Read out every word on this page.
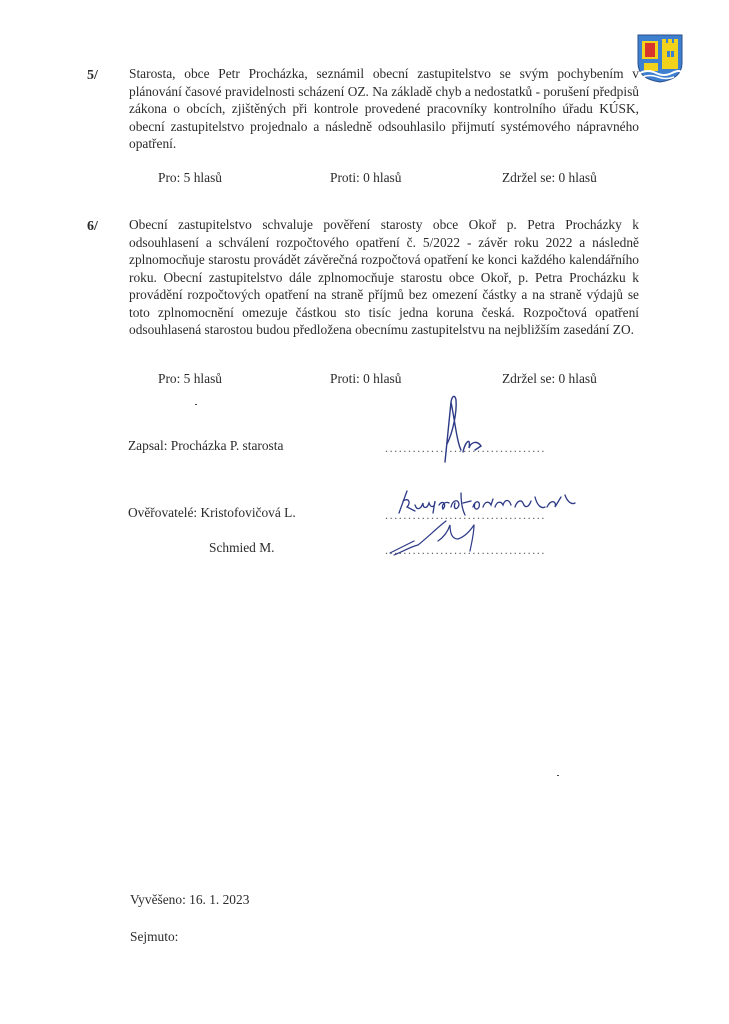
5/ Starosta, obce Petr Procházka, seznámil obecní zastupitelstvo se svým pochybením v plánování časové pravidelnosti scházení OZ. Na základě chyb a nedostatků - porušení předpisů zákona o obcích, zjištěných při kontrole provedené pracovníky kontrolního úřadu KÚSK, obecní zastupitelstvo projednalo a následně odsouhlasilo přijmutí systémového nápravného opatření.

Pro: 5 hlasů	Proti: 0 hlasů	Zdržel se: 0 hlasů
6/ Obecní zastupitelstvo schvaluje pověření starosty obce Okoř p. Petra Procházky k odsouhlasení a schválení rozpočtového opatření č. 5/2022 - závěr roku 2022 a následně zplnomocňuje starostu provádět závěrečná rozpočtová opatření ke konci každého kalendářního roku. Obecní zastupitelstvo dále zplnomocňuje starostu obce Okoř, p. Petra Procházku k provádění rozpočtových opatření na straně příjmů bez omezení částky a na straně výdajů se toto zplnomocnění omezuje částkou sto tisíc jedna koruna česká. Rozpočtová opatření odsouhlasená starostou budou předložena obecnímu zastupitelstvu na nejbližším zasedání ZO.

Pro: 5 hlasů	Proti: 0 hlasů	Zdržel se: 0 hlasů
Zapsal: Procházka P. starosta	...................................
Ověřovatelé: Kristofovičová L.	...................................
Schmied M.	...................................
Vyvěšeno: 16. 1. 2023
Sejmuto:
